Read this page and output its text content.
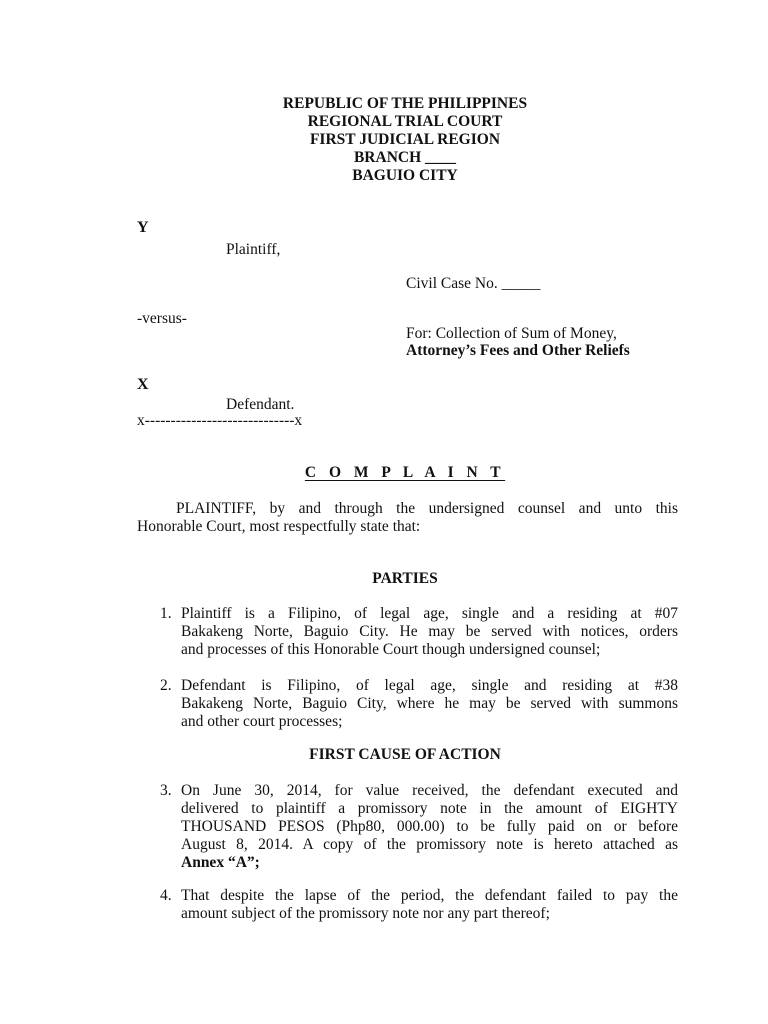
REPUBLIC OF THE PHILIPPINES
REGIONAL TRIAL COURT
FIRST JUDICIAL REGION
BRANCH ____
BAGUIO CITY
Y
Plaintiff,
Civil Case No. _____
-versus-
For: Collection of Sum of Money,
Attorney’s Fees and Other Reliefs
X
Defendant.
x-----------------------------x
C O M P L A I N T
PLAINTIFF, by and through the undersigned counsel and unto this
Honorable Court, most respectfully state that:
PARTIES
1. Plaintiff is a Filipino, of legal age, single and a residing at #07
Bakakeng Norte, Baguio City. He may be served with notices, orders
and processes of this Honorable Court though undersigned counsel;
2. Defendant is Filipino, of legal age, single and residing at #38
Bakakeng Norte, Baguio City, where he may be served with summons
and other court processes;
FIRST CAUSE OF ACTION
3. On June 30, 2014, for value received, the defendant executed and
delivered to plaintiff a promissory note in the amount of EIGHTY
THOUSAND PESOS (Php80, 000.00) to be fully paid on or before
August 8, 2014. A copy of the promissory note is hereto attached as
Annex “A”;
4. That despite the lapse of the period, the defendant failed to pay the
amount subject of the promissory note nor any part thereof;
